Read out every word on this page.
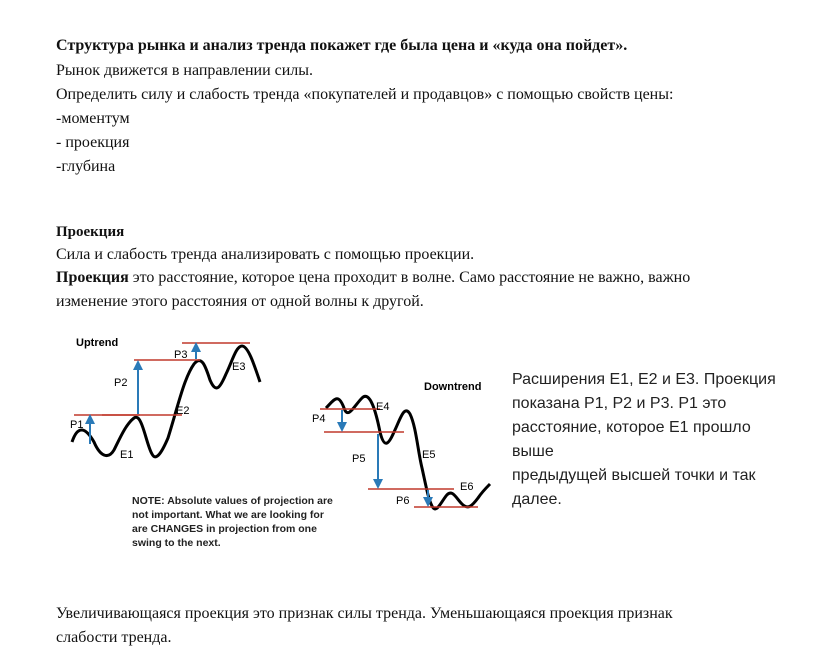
Структура рынка и анализ тренда покажет где была цена и «куда она пойдет».
Рынок движется в направлении силы.
Определить силу и слабость тренда «покупателей и продавцов» с помощью свойств цены:
-моментум
- проекция
-глубина
Проекция
Сила и слабость тренда анализировать с помощью проекции.
Проекция это расстояние, которое цена проходит в волне. Само расстояние не важно, важно
изменение этого расстояния от одной волны к другой.
Uptrend
P1
P2
P3
E1
E2
E3
Downtrend
P4
P5
P6
E4
E5
E6
NOTE: Absolute values of projection are
not important. What we are looking for
are CHANGES in projection from one
swing to the next.
Расширения E1, E2 и E3. Проекция
показана P1, P2 и P3. P1 это
расстояние, которое E1 прошло
выше
предыдущей высшей точки и так
далее.
Увеличивающаяся проекция это признак силы тренда. Уменьшающаяся проекция признак
слабости тренда.
